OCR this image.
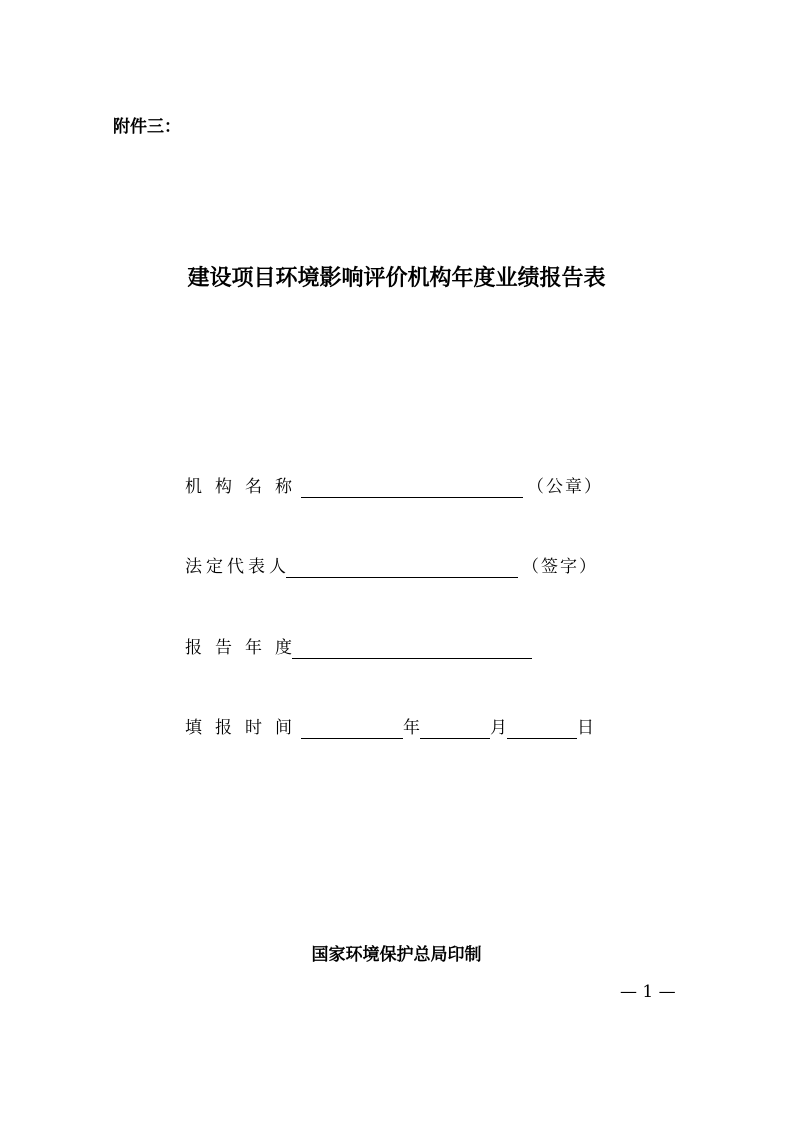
附件三：
建设项目环境影响评价机构年度业绩报告表
机构名称	（公章）
法定代表人	（签字）
报告年度
填报时间	年	月	日
国家环境保护总局印制
— 1 —
